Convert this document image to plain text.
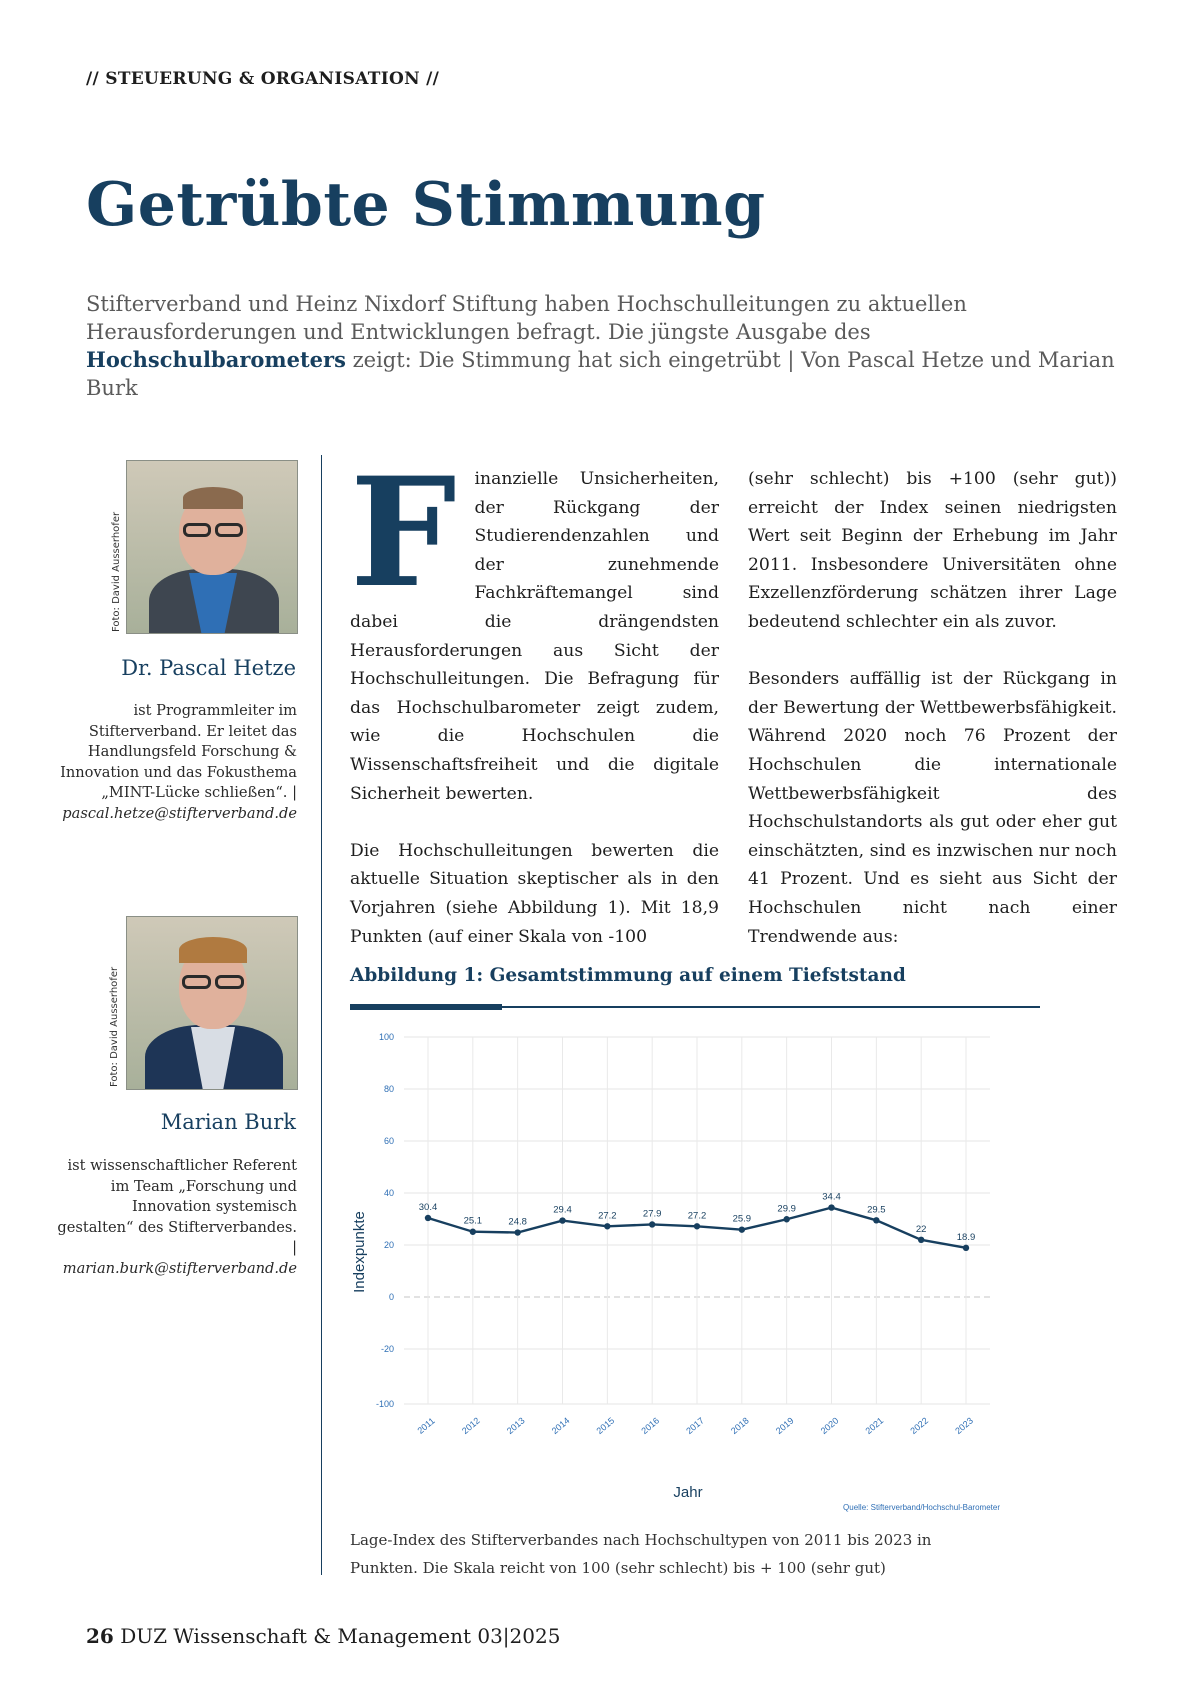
// STEUERUNG & ORGANISATION //
Getrübte Stimmung

Stifterverband und Heinz Nixdorf Stiftung haben Hochschulleitungen zu aktuellen Herausforderungen und Entwicklungen befragt. Die jüngste Ausgabe des Hochschulbarometers zeigt: Die Stimmung hat sich eingetrübt | Von Pascal Hetze und Marian Burk

Foto: David Ausserhofer
Dr. Pascal Hetze
ist Programmleiter im Stifterverband. Er leitet das Handlungsfeld Forschung & Innovation und das Fokusthema „MINT-Lücke schließen“. |
pascal.hetze@stifterverband.de
Foto: David Ausserhofer
Marian Burk
ist wissenschaftlicher Referent im Team „Forschung und Innovation systemisch gestalten“ des Stifterverbandes. |
marian.burk@stifterverband.de

F inanzielle Unsicherheiten, der Rückgang der Studierendenzahlen und der zunehmende Fachkräftemangel sind dabei die drängendsten Herausforderungen aus Sicht der Hochschulleitungen. Die Befragung für das Hochschulbarometer zeigt zudem, wie die Hochschulen die Wissenschaftsfreiheit und die digitale Sicherheit bewerten.

Die Hochschulleitungen bewerten die aktuelle Situation skeptischer als in den Vorjahren (siehe Abbildung 1). Mit 18,9 Punkten (auf einer Skala von -100

(sehr schlecht) bis +100 (sehr gut)) erreicht der Index seinen niedrigsten Wert seit Beginn der Erhebung im Jahr 2011. Insbesondere Universitäten ohne Exzellenzförderung schätzen ihrer Lage bedeutend schlechter ein als zuvor.

Besonders auffällig ist der Rückgang in der Bewertung der Wettbewerbsfähigkeit. Während 2020 noch 76 Prozent der Hochschulen die internationale Wettbewerbsfähigkeit des Hochschulstandorts als gut oder eher gut einschätzten, sind es inzwischen nur noch 41 Prozent. Und es sieht aus Sicht der Hochschulen nicht nach einer Trendwende aus:

Abbildung 1: Gesamtstimmung auf einem Tiefststand
100
80
60
40
20
0
-20
-100
2011	2012	2013	2014	2015	2016	2017	2018	2019	2020	2021	2022	2023
30.4
25.1	24.8
29.4
27.2	27.9	27.2	25.9
29.9
34.4
29.5
22
18.9
Indexpunkte
Jahr
Quelle: Stifterverband/Hochschul-Barometer
Lage-Index des Stifterverbandes nach Hochschultypen von 2011 bis 2023 in Punkten. Die Skala reicht von 100 (sehr schlecht) bis + 100 (sehr gut)
26 DUZ Wissenschaft & Management 03|2025
